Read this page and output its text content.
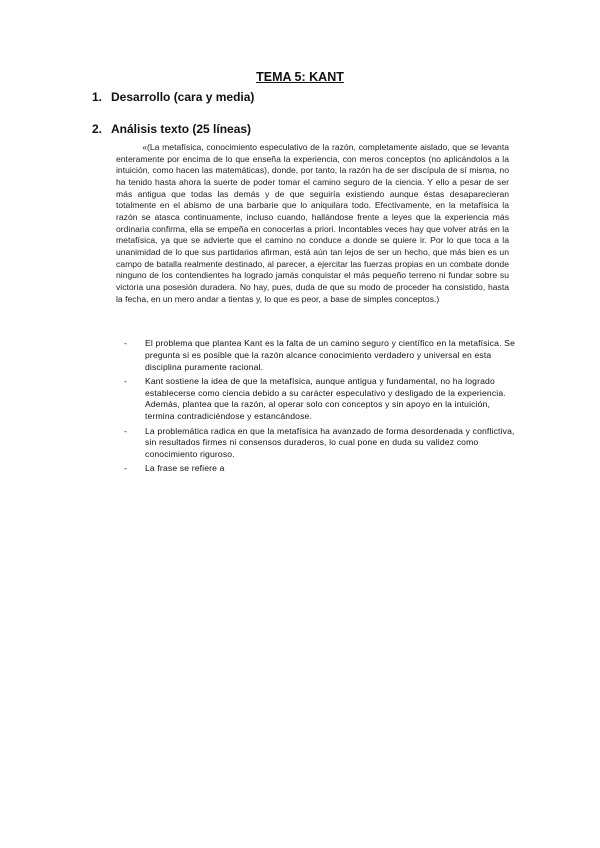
TEMA 5: KANT
1. Desarrollo (cara y media)
2. Análisis texto (25 líneas)
«(La metafísica, conocimiento especulativo de la razón, completamente aislado, que se levanta enteramente por encima de lo que enseña la experiencia, con meros conceptos (no aplicándolos a la intuición, como hacen las matemáticas), donde, por tanto, la razón ha de ser discípula de sí misma, no ha tenido hasta ahora la suerte de poder tomar el camino seguro de la ciencia. Y ello a pesar de ser más antigua que todas las demás y de que seguiría existiendo aunque éstas desaparecieran totalmente en el abismo de una barbarie que lo aniquilara todo. Efectivamente, en la metafísica la razón se atasca continuamente, incluso cuando, hallándose frente a leyes que la experiencia más ordinaria confirma, ella se empeña en conocerlas a priori. Incontables veces hay que volver atrás en la metafísica, ya que se advierte que el camino no conduce a donde se quiere ir. Por lo que toca a la unanimidad de lo que sus partidarios afirman, está aún tan lejos de ser un hecho, que más bien es un campo de batalla realmente destinado, al parecer, a ejercitar las fuerzas propias en un combate donde ninguno de los contendientes ha logrado jamás conquistar el más pequeño terreno ni fundar sobre su victoria una posesión duradera. No hay, pues, duda de que su modo de proceder ha consistido, hasta la fecha, en un mero andar a tientas y, lo que es peor, a base de simples conceptos.)
- El problema que plantea Kant es la falta de un camino seguro y científico en la metafísica. Se pregunta si es posible que la razón alcance conocimiento verdadero y universal en esta disciplina puramente racional.
- Kant sostiene la idea de que la metafísica, aunque antigua y fundamental, no ha logrado establecerse como ciencia debido a su carácter especulativo y desligado de la experiencia. Además, plantea que la razón, al operar solo con conceptos y sin apoyo en la intuición, termina contradiciéndose y estancándose.
- La problemática radica en que la metafísica ha avanzado de forma desordenada y conflictiva, sin resultados firmes ni consensos duraderos, lo cual pone en duda su validez como conocimiento riguroso.
- La frase se refiere a
